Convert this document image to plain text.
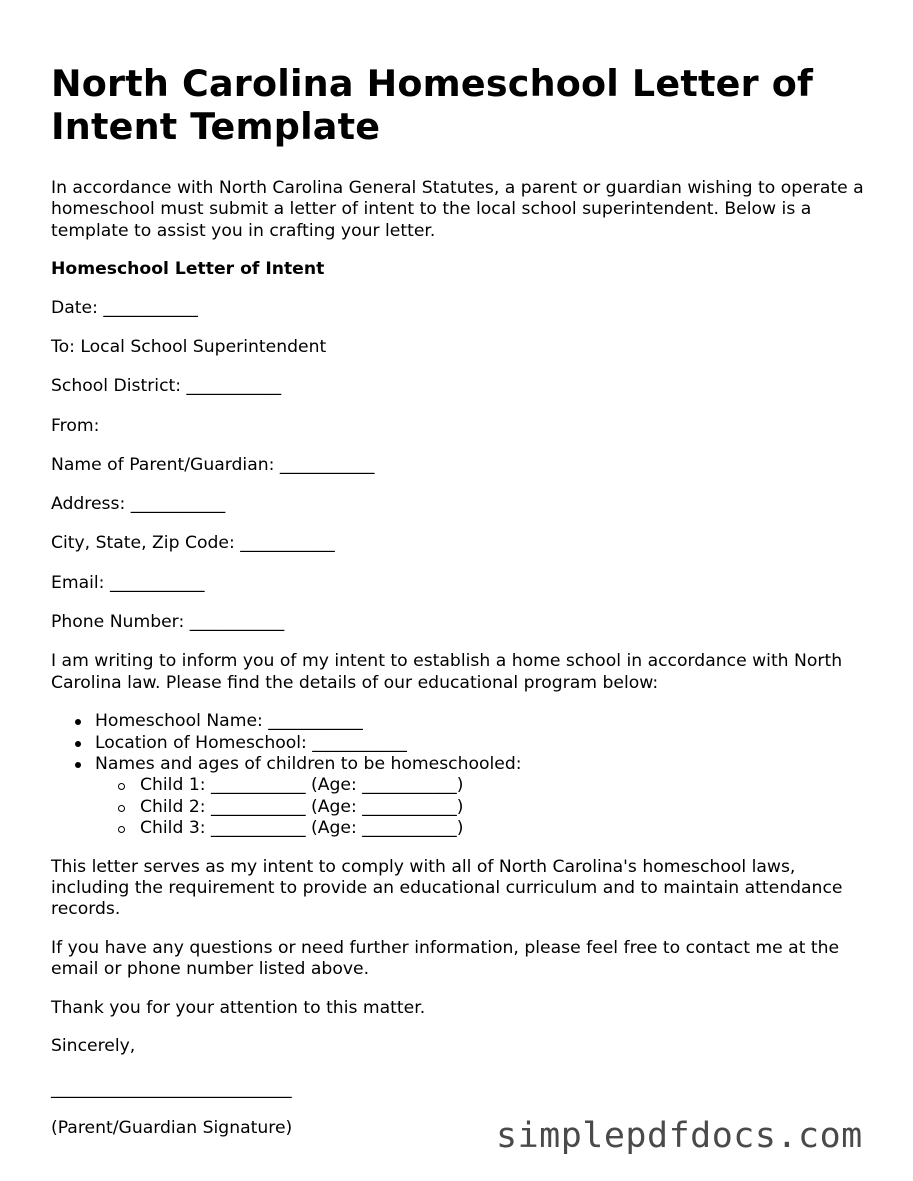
North Carolina Homeschool Letter of Intent Template

In accordance with North Carolina General Statutes, a parent or guardian wishing to operate a homeschool must submit a letter of intent to the local school superintendent. Below is a template to assist you in crafting your letter.

Homeschool Letter of Intent

Date: ___________

To: Local School Superintendent

School District: ___________

From:

Name of Parent/Guardian: ___________

Address: ___________

City, State, Zip Code: ___________

Email: ___________

Phone Number: ___________

I am writing to inform you of my intent to establish a home school in accordance with North Carolina law. Please find the details of our educational program below:

Homeschool Name: ___________
Location of Homeschool: ___________
Names and ages of children to be homeschooled:
Child 1: ___________ (Age: ___________)
Child 2: ___________ (Age: ___________)
Child 3: ___________ (Age: ___________)

This letter serves as my intent to comply with all of North Carolina's homeschool laws, including the requirement to provide an educational curriculum and to maintain attendance records.

If you have any questions or need further information, please feel free to contact me at the email or phone number listed above.

Thank you for your attention to this matter.

Sincerely,

____________________________

(Parent/Guardian Signature)	simplepdfdocs.com
